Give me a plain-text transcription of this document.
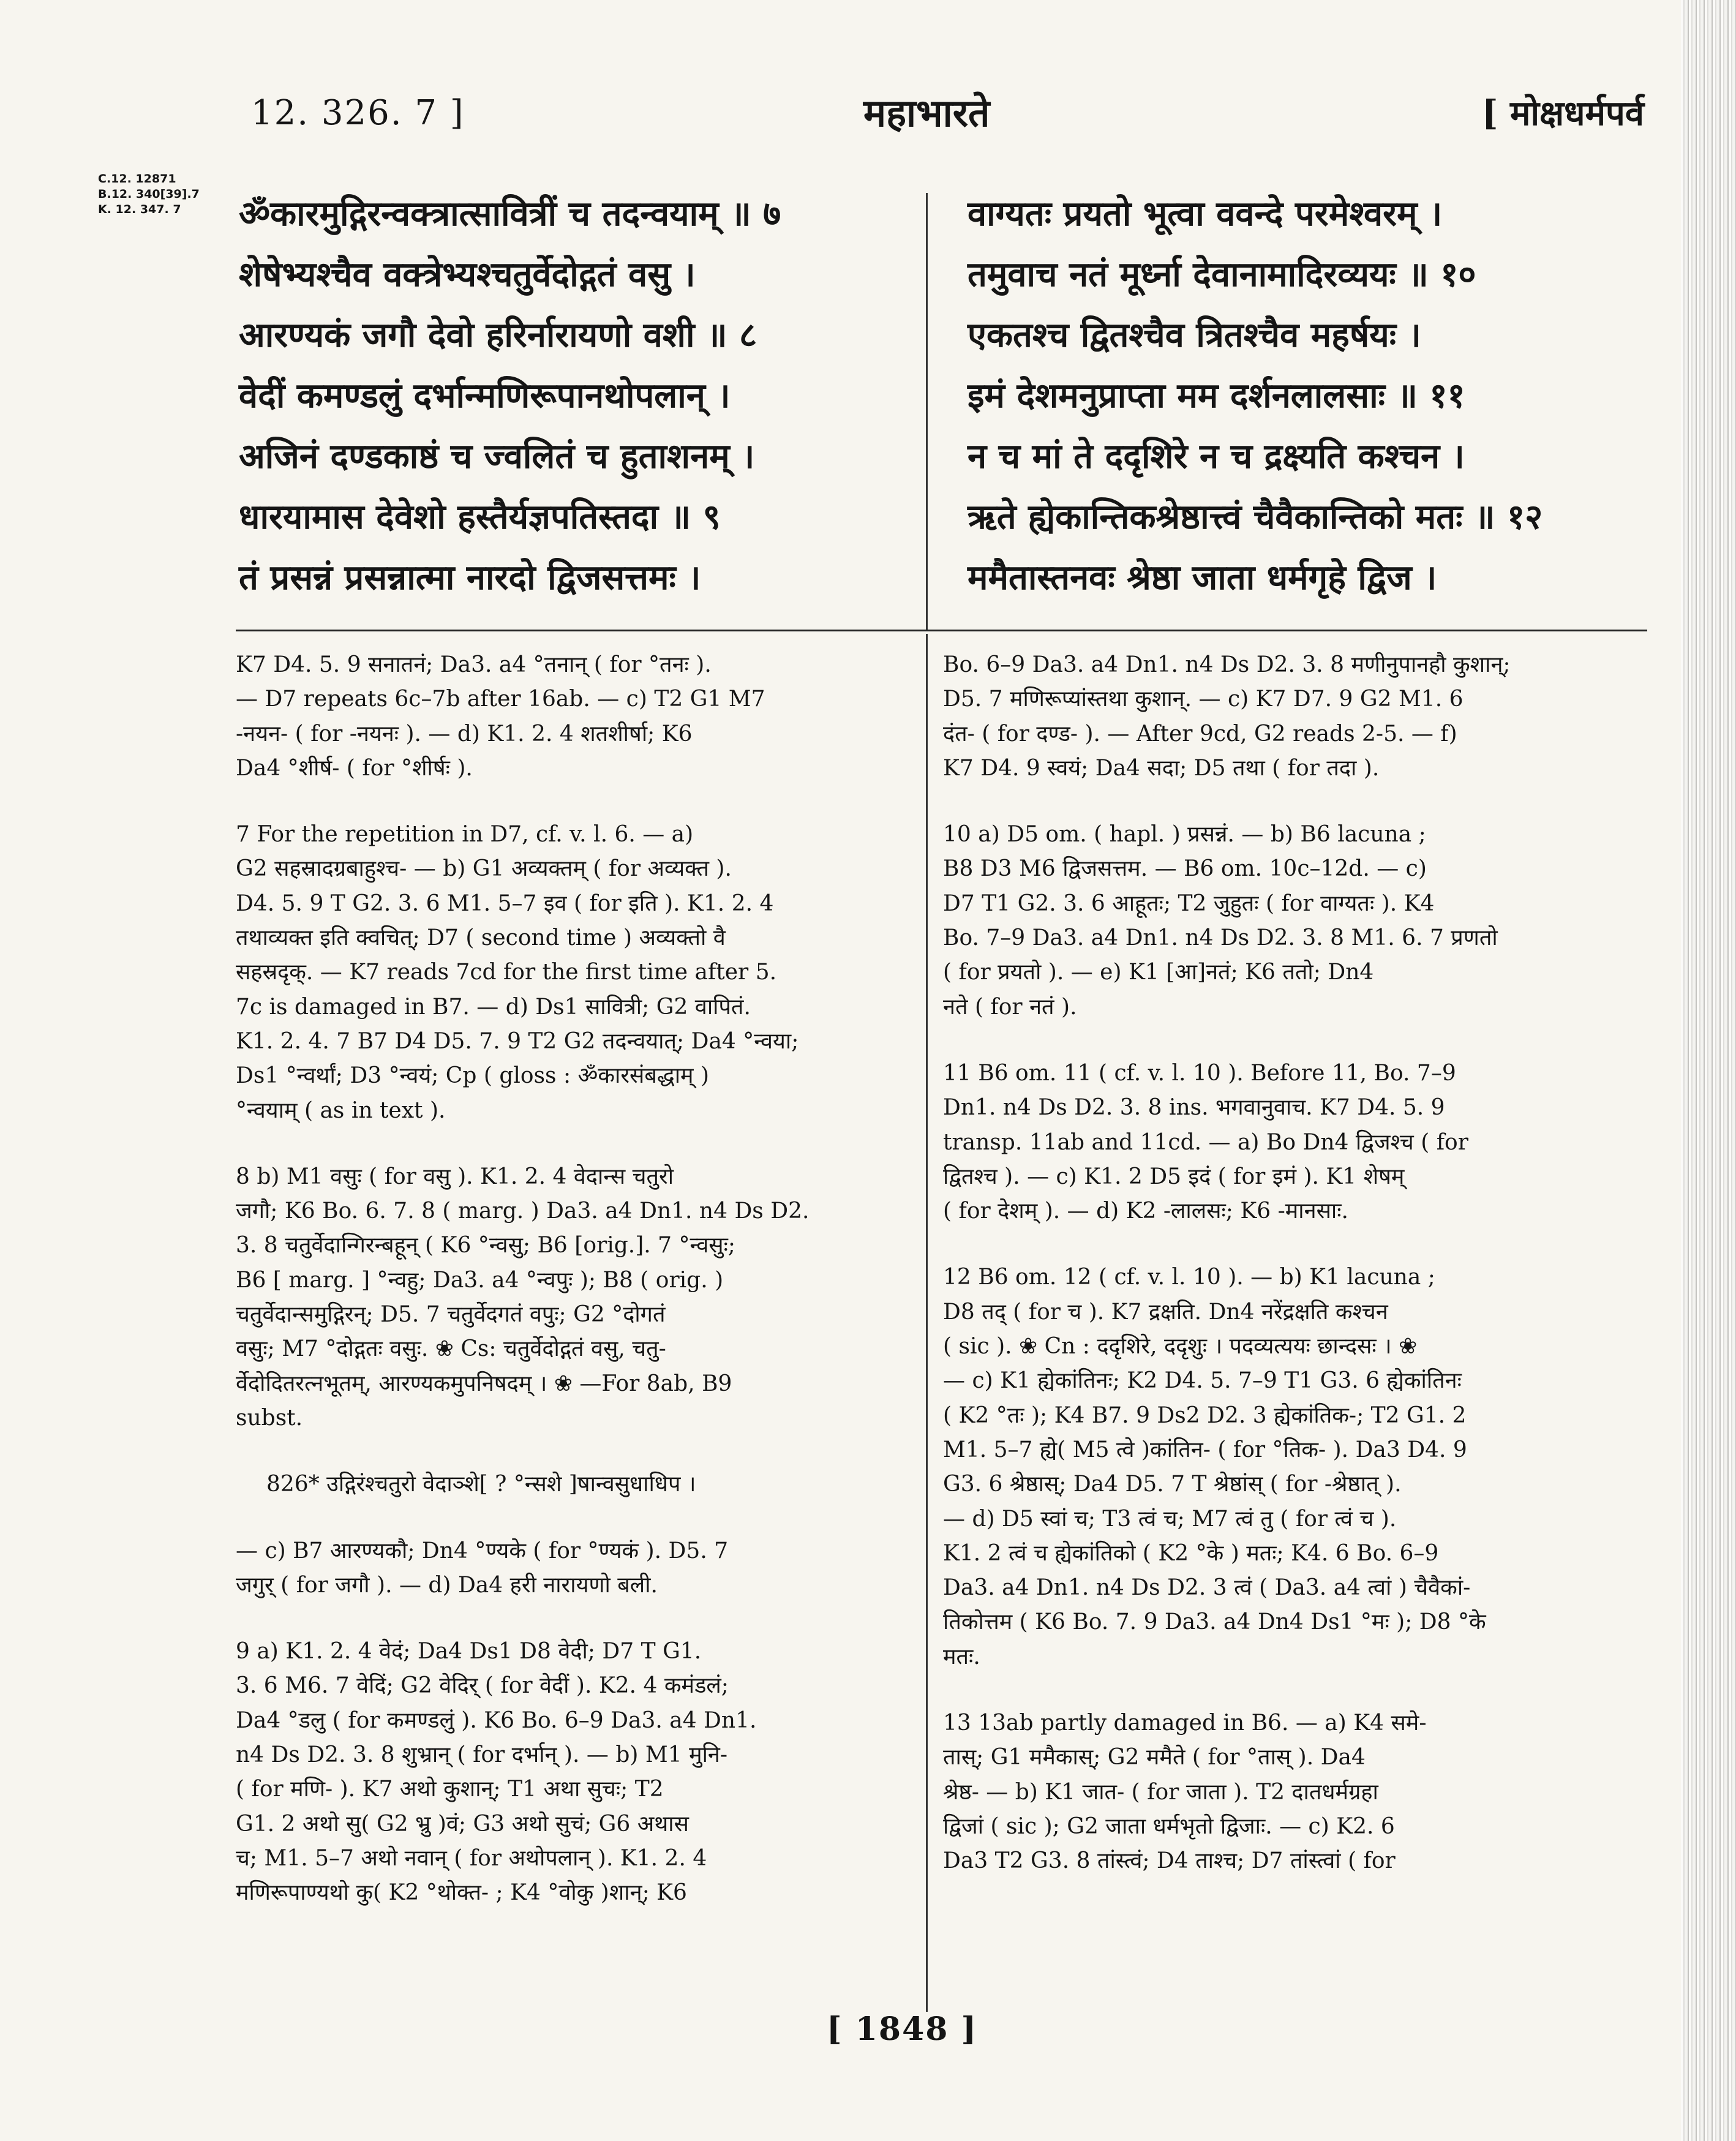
12. 326. 7 ]	महाभारते	[ मोक्षधर्मपर्व
C.12. 12871
B.12. 340[39].7
K. 12. 347. 7	ॐकारमुद्गिरन्वक्त्रात्सावित्रीं च तदन्वयाम् ॥ ७
शेषेभ्यश्चैव वक्त्रेभ्यश्चतुर्वेदोद्गतं वसु ।
आरण्यकं जगौ देवो हरिर्नारायणो वशी ॥ ८
वेदीं कमण्डलुं दर्भान्मणिरूपानथोपलान् ।
अजिनं दण्डकाष्ठं च ज्वलितं च हुताशनम् ।
धारयामास देवेशो हस्तैर्यज्ञपतिस्तदा ॥ ९
तं प्रसन्नं प्रसन्नात्मा नारदो द्विजसत्तमः ।
वाग्यतः प्रयतो भूत्वा ववन्दे परमेश्वरम् ।
तमुवाच नतं मूर्ध्ना देवानामादिरव्ययः ॥ १०
एकतश्च द्वितश्चैव त्रितश्चैव महर्षयः ।
इमं देशमनुप्राप्ता मम दर्शनलालसाः ॥ ११
न च मां ते ददृशिरे न च द्रक्ष्यति कश्चन ।
ऋते ह्येकान्तिकश्रेष्ठात्त्वं चैवैकान्तिको मतः ॥ १२
ममैतास्तनवः श्रेष्ठा जाता धर्मगृहे द्विज ।
K7 D4. 5. 9 सनातनं; Da3. a4 °तनान् ( for °तनः ).
— D7 repeats 6c–7b after 16ab. — c) T2 G1 M7
-नयन- ( for -नयनः ). — d) K1. 2. 4 शतशीर्षा; K6
Da4 °शीर्ष- ( for °शीर्षः ).
7 For the repetition in D7, cf. v. l. 6. — a)
G2 सहस्रादग्रबाहुश्च- — b) G1 अव्यक्तम् ( for अव्यक्त ).
D4. 5. 9 T G2. 3. 6 M1. 5–7 इव ( for इति ). K1. 2. 4
तथाव्यक्त इति क्वचित्; D7 ( second time ) अव्यक्तो वै
सहस्रदृक्. — K7 reads 7cd for the first time after 5.
7c is damaged in B7. — d) Ds1 सावित्री; G2 वापितं.
K1. 2. 4. 7 B7 D4 D5. 7. 9 T2 G2 तदन्वयात्; Da4 °न्वया;
Ds1 °न्वर्थां; D3 °न्वयं; Cp ( gloss : ॐकारसंबद्धाम् )
°न्वयाम् ( as in text ).
8 b) M1 वसुः ( for वसु ). K1. 2. 4 वेदान्स चतुरो
जगौ; K6 Bo. 6. 7. 8 ( marg. ) Da3. a4 Dn1. n4 Ds D2.
3. 8 चतुर्वेदान्गिरन्बहून् ( K6 °न्वसु; B6 [orig.]. 7 °न्वसुः;
B6 [ marg. ] °न्वहु; Da3. a4 °न्वपुः ); B8 ( orig. )
चतुर्वेदान्समुद्गिरन्; D5. 7 चतुर्वेदगतं वपुः; G2 °दोगतं
वसुः; M7 °दोद्गतः वसुः. ❀ Cs: चतुर्वेदोद्गतं वसु, चतु-
र्वेदोदितरत्नभूतम्, आरण्यकमुपनिषदम् । ❀ —For 8ab, B9
subst.
826* उद्गिरंश्चतुरो वेदाञ्शे[ ? °न्सशे ]षान्वसुधाधिप ।
— c) B7 आरण्यकौ; Dn4 °ण्यके ( for °ण्यकं ). D5. 7
जगुर् ( for जगौ ). — d) Da4 हरी नारायणो बली.
9 a) K1. 2. 4 वेदं; Da4 Ds1 D8 वेदी; D7 T G1.
3. 6 M6. 7 वेदिं; G2 वेदिर् ( for वेदीं ). K2. 4 कमंडलं;
Da4 °डलु ( for कमण्डलुं ). K6 Bo. 6–9 Da3. a4 Dn1.
n4 Ds D2. 3. 8 शुभ्रान् ( for दर्भान् ). — b) M1 मुनि-
( for मणि- ). K7 अथो कुशान्; T1 अथा सुचः; T2
G1. 2 अथो सु( G2 भ्रु )वं; G3 अथो सुचं; G6 अथास
च; M1. 5–7 अथो नवान् ( for अथोपलान् ). K1. 2. 4
मणिरूपाण्यथो कु( K2 °थोक्त- ; K4 °वोकु )शान्; K6
Bo. 6–9 Da3. a4 Dn1. n4 Ds D2. 3. 8 मणीनुपानहौ कुशान्;
D5. 7 मणिरूप्यांस्तथा कुशान्. — c) K7 D7. 9 G2 M1. 6
दंत- ( for दण्ड- ). — After 9cd, G2 reads 2-5. — f)
K7 D4. 9 स्वयं; Da4 सदा; D5 तथा ( for तदा ).
10 a) D5 om. ( hapl. ) प्रसन्नं. — b) B6 lacuna ;
B8 D3 M6 द्विजसत्तम. — B6 om. 10c–12d. — c)
D7 T1 G2. 3. 6 आहूतः; T2 जुहुतः ( for वाग्यतः ). K4
Bo. 7–9 Da3. a4 Dn1. n4 Ds D2. 3. 8 M1. 6. 7 प्रणतो
( for प्रयतो ). — e) K1 [आ]नतं; K6 ततो; Dn4
नते ( for नतं ).
11 B6 om. 11 ( cf. v. l. 10 ). Before 11, Bo. 7–9
Dn1. n4 Ds D2. 3. 8 ins. भगवानुवाच. K7 D4. 5. 9
transp. 11ab and 11cd. — a) Bo Dn4 द्विजश्च ( for
द्वितश्च ). — c) K1. 2 D5 इदं ( for इमं ). K1 शेषम्
( for देशम् ). — d) K2 -लालसः; K6 -मानसाः.
12 B6 om. 12 ( cf. v. l. 10 ). — b) K1 lacuna ;
D8 तद् ( for च ). K7 द्रक्षति. Dn4 नरेंद्रक्षति कश्चन
( sic ). ❀ Cn : ददृशिरे, ददृशुः । पदव्यत्ययः छान्दसः । ❀
— c) K1 ह्येकांतिनः; K2 D4. 5. 7–9 T1 G3. 6 ह्येकांतिनः
( K2 °तः ); K4 B7. 9 Ds2 D2. 3 ह्येकांतिक-; T2 G1. 2
M1. 5–7 ह्ये( M5 त्वे )कांतिन- ( for °तिक- ). Da3 D4. 9
G3. 6 श्रेष्ठास्; Da4 D5. 7 T श्रेष्ठांस् ( for -श्रेष्ठात् ).
— d) D5 स्वां च; T3 त्वं च; M7 त्वं तु ( for त्वं च ).
K1. 2 त्वं च ह्येकांतिको ( K2 °के ) मतः; K4. 6 Bo. 6–9
Da3. a4 Dn1. n4 Ds D2. 3 त्वं ( Da3. a4 त्वां ) चैवैकां-
तिकोत्तम ( K6 Bo. 7. 9 Da3. a4 Dn4 Ds1 °मः ); D8 °के
मतः.
13 13ab partly damaged in B6. — a) K4 समे-
तास्; G1 ममैकास्; G2 ममैते ( for °तास् ). Da4
श्रेष्ठ- — b) K1 जात- ( for जाता ). T2 दातधर्मग्रहा
द्विजां ( sic ); G2 जाता धर्मभृतो द्विजाः. — c) K2. 6
Da3 T2 G3. 8 तांस्त्वं; D4 ताश्च; D7 तांस्त्वां ( for
[ 1848 ]
